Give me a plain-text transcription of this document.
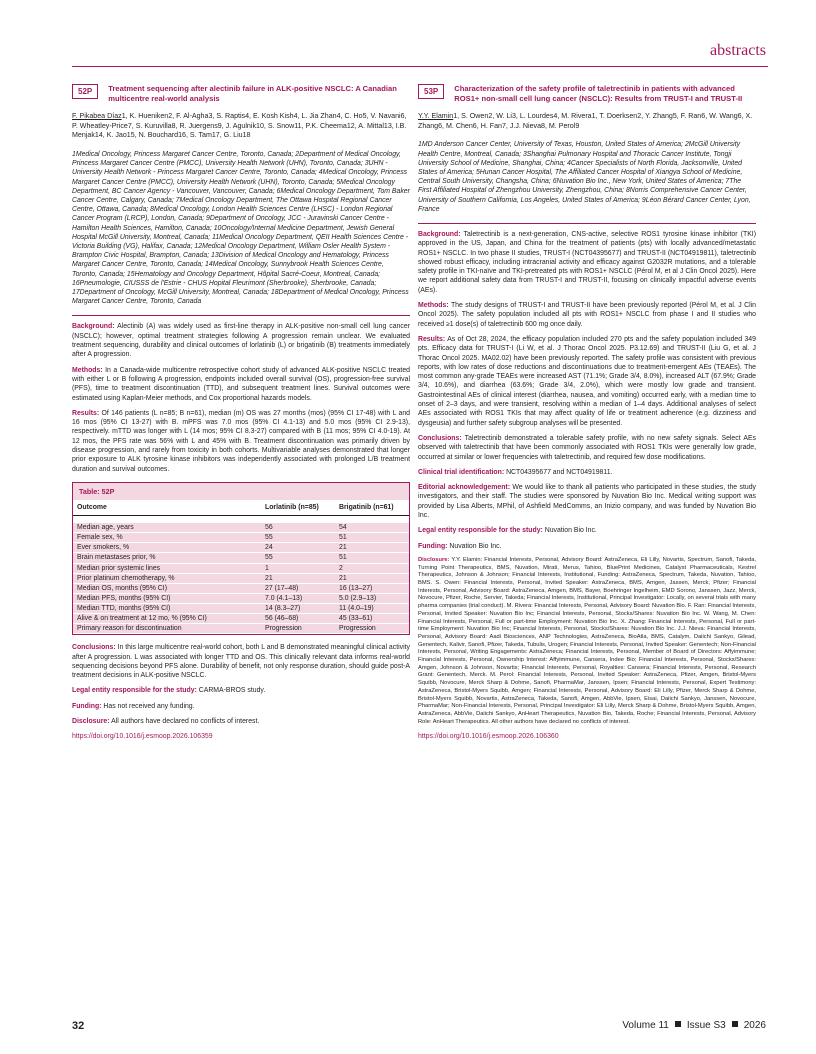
abstracts
52P	Treatment sequencing after alectinib failure in ALK-positive NSCLC: A Canadian multicentre real-world analysis
F. Pikabea Díaz1, K. Hueniken2, F. Al-Agha3, S. Raptis4, E. Kosh Kish4, L. Jia Zhan4, C. Ho5, V. Navani6, P. Wheatley-Price7, S. Kuruvilla8, R. Juergens9, J. Agulnik10, S. Snow11, P.K. Cheema12, A. Mittal13, I.B. Menjak14, K. Jao15, N. Bouchard16, S. Tam17, G. Liu18
1Medical Oncology, Princess Margaret Cancer Centre, Toronto, Canada; 2Department of Medical Oncology, Princess Margaret Cancer Centre (PMCC), University Health Network (UHN), Toronto, Canada; 3UHN - University Health Network - Princess Margaret Cancer Centre, Toronto, Canada; 4Medical Oncology, Princess Margaret Cancer Centre (PMCC), University Health Network (UHN), Toronto, Canada; 5Medical Oncology Department, BC Cancer Agency - Vancouver, Vancouver, Canada; 6Medical Oncology Department, Tom Baker Cancer Centre, Calgary, Canada; 7Medical Oncology Department, The Ottawa Hospital Regional Cancer Centre, Ottawa, Canada; 8Medical Oncology, London Health Sciences Centre (LHSC) - London Regional Cancer Program (LRCP), London, Canada; 9Department of Oncology, JCC - Juravinski Cancer Centre - Hamilton Health Sciences, Hamilton, Canada; 10Oncology/Internal Medicine Department, Jewish General Hospital McGill University, Montreal, Canada; 11Medical Oncology Department, QEII Health Sciences Centre - Victoria Building (VG), Halifax, Canada; 12Medical Oncology Department, William Osler Health System - Brampton Civic Hospital, Brampton, Canada; 13Division of Medical Oncology and Hematology, Princess Margaret Cancer Centre, Toronto, Canada; 14Medical Oncology, Sunnybrook Health Sciences Centre, Toronto, Canada; 15Hematology and Oncology Department, Hôpital Sacré-Coeur, Montreal, Canada; 16Pneumologie, CIUSSS de l'Estrie - CHUS Hopital Fleurimont (Sherbrooke), Sherbrooke, Canada; 17Department of Oncology, McGill University, Montreal, Canada; 18Department of Medical Oncology, Princess Margaret Cancer Centre, Toronto, Canada

Background: Alectinib (A) was widely used as first-line therapy in ALK-positive non-small cell lung cancer (NSCLC); however, optimal treatment strategies following A progression remain unclear. We evaluated treatment sequencing, durability and clinical outcomes of lorlatinib (L) or brigatinib (B) treatments immediately after A progression.

Methods: In a Canada-wide multicentre retrospective cohort study of advanced ALK-positive NSCLC treated with either L or B following A progression, endpoints included overall survival (OS), progression-free survival (PFS), time to treatment discontinuation (TTD), and subsequent treatment lines. Survival outcomes were estimated using Kaplan-Meier methods, and Cox proportional hazards models.

Results: Of 146 patients (L n=85; B n=61), median (m) OS was 27 months (mos) (95% CI 17-48) with L and 16 mos (95% CI 13-27) with B. mPFS was 7.0 mos (95% CI 4.1-13) and 5.0 mos (95% CI 2.9-13), respectively. mTTD was longer with L (14 mos; 95% CI 8.3-27) compared with B (11 mos; 95% CI 4.0-19). At 12 mos, the PFS rate was 56% with L and 45% with B. Treatment discontinuation was primarily driven by disease progression, and rarely from toxicity in both cohorts. Multivariable analyses demonstrated that longer prior exposure to ALK tyrosine kinase inhibitors was independently associated with prolonged L/B treatment duration and survival outcomes.

Table: 52P
Outcome	Lorlatinib (n=85)	Brigatinib (n=61)

Median age, years	56	54
Female sex, %	55	51
Ever smokers, %	24	21
Brain metastases prior, %	55	51
Median prior systemic lines	1	2
Prior platinum chemotherapy, %	21	21
Median OS, months (95% CI)	27 (17–48)	16 (13–27)
Median PFS, months (95% CI)	7.0 (4.1–13)	5.0 (2.9–13)
Median TTD, months (95% CI)	14 (8.3–27)	11 (4.0–19)
Alive & on treatment at 12 mo, % (95% CI)	56 (46–68)	45 (33–61)
Primary reason for discontinuation	Progression	Progression

Conclusions: In this large multicentre real-world cohort, both L and B demonstrated meaningful clinical activity after A progression. L was associated with longer TTD and OS. This clinically relevant data informs real-world sequencing decisions beyond PFS alone. Durability of benefit, not only response duration, should guide post-A treatment decisions in ALK-positive NSCLC.

Legal entity responsible for the study: CARMA-BROS study.

Funding: Has not received any funding.

Disclosure: All authors have declared no conflicts of interest.

https://doi.org/10.1016/j.esmoop.2026.106359

53P	Characterization of the safety profile of taletrectinib in patients with advanced ROS1+ non-small cell lung cancer (NSCLC): Results from TRUST-I and TRUST-II
Y.Y. Elamin1, S. Owen2, W. Li3, L. Lourdes4, M. Rivera1, T. Doerksen2, Y. Zhang5, F. Ran6, W. Wang6, X. Zhang6, M. Chen6, H. Fan7, J.J. Nieva8, M. Perol9
1MD Anderson Cancer Center, University of Texas, Houston, United States of America; 2McGill University Health Centre, Montreal, Canada; 3Shanghai Pulmonary Hospital and Thoracic Cancer Institute, Tongji University School of Medicine, Shanghai, China; 4Cancer Specialists of North Florida, Jacksonville, United States of America; 5Hunan Cancer Hospital, The Affiliated Cancer Hospital of Xiangya School of Medicine, Central South University, Changsha, China; 6Nuvation Bio Inc., New York, United States of America; 7The First Affiliated Hospital of Zhengzhou University, Zhengzhou, China; 8Norris Comprehensive Cancer Center, University of Southern California, Los Angeles, United States of America; 9Léon Bérard Cancer Center, Lyon, France

Background: Taletrectinib is a next-generation, CNS-active, selective ROS1 tyrosine kinase inhibitor (TKI) approved in the US, Japan, and China for the treatment of patients (pts) with locally advanced/metastatic ROS1+ NSCLC. In two phase II studies, TRUST-I (NCT04395677) and TRUST-II (NCT04919811), taletrectinib showed robust efficacy, including intracranial activity and efficacy against G2032R mutations, and a tolerable safety profile in TKI-naïve and TKI-pretreated pts with ROS1+ NSCLC (Pérol M, et al J Clin Oncol 2025). Here we report additional safety data from TRUST-I and TRUST-II, focusing on clinically impactful adverse events (AEs).

Methods: The study designs of TRUST-I and TRUST-II have been previously reported (Pérol M, et al. J Clin Oncol 2025). The safety population included all pts with ROS1+ NSCLC from phase I and II studies who received ≥1 dose(s) of taletrectinib 600 mg once daily.

Results: As of Oct 28, 2024, the efficacy population included 270 pts and the safety population included 349 pts. Efficacy data for TRUST-I (Li W, et al. J Thorac Oncol 2025. P3.12.69) and TRUST-II (Liu G, et al. J Thorac Oncol 2025. MA02.02) have been previously reported. The safety profile was consistent with previous reports, with low rates of dose reductions and discontinuations due to treatment-emergent AEs (TEAEs). The most common any-grade TEAEs were increased AST (71.1%; Grade 3/4, 8.0%), increased ALT (67.9%; Grade 3/4, 10.6%), and diarrhea (63.6%; Grade 3/4, 2.0%), which were mostly low grade and transient. Gastrointestinal AEs of clinical interest (diarrhea, nausea, and vomiting) occurred early, with a median time to onset of 2–3 days, and were transient, resolving within a median of 1–4 days. Additional analyses of select AEs associated with ROS1 TKIs that may affect quality of life or treatment adherence (e.g. dizziness and dysgeusia) and further safety subgroup analyses will be presented.

Conclusions: Taletrectinib demonstrated a tolerable safety profile, with no new safety signals. Select AEs observed with taletrectinib that have been commonly associated with ROS1 TKIs were generally low grade, occurred at similar or lower frequencies with taletrectinib, and required few dose modifications.

Clinical trial identification: NCT04395677 and NCT04919811.

Editorial acknowledgement: We would like to thank all patients who participated in these studies, the study investigators, and their staff. The studies were sponsored by Nuvation Bio Inc. Medical writing support was provided by Lisa Alberts, MPhil, of Ashfield MedComms, an Inizio company, and was funded by Nuvation Bio Inc.

Legal entity responsible for the study: Nuvation Bio Inc.

Funding: Nuvation Bio Inc.

Disclosure: Y.Y. Elamin: Financial Interests, Personal, Advisory Board: AstraZeneca, Eli Lilly, Novartis, Spectrum, Sanofi, Takeda, Turning Point Therapeutics, BMS, Nuvation, Mirati, Merus, Tahioo, BluePrint Medicines, Catalyst Pharmaceuticals, Kestrel Therapeutics, Johnson & Johnson; Financial Interests, Institutional, Funding: AstraZeneca, Spectrum, Takeda, Nuvation, Tahioo, BMS. S. Owen: Financial Interests, Personal, Invited Speaker: AstraZeneca, BMS, Amgen, Jassen, Merck, Pfizer; Financial Interests, Personal, Advisory Board: AstraZeneca, Amgen, BMS, Bayer, Boehringer Ingelheim, EMD Sorono, Janssen, Jazz, Merck, Novocure, Pfizer, Roche, Servier, Takeda; Financial Interests, Institutional, Principal Investigator: Locally, on several trials with many pharma companies (trial conduct). M. Rivera: Financial Interests, Personal, Advisory Board: Nuvation Bio. F. Ran: Financial Interests, Personal, Invited Speaker: Nuvation Bio Inc; Financial Interests, Personal, Stocks/Shares: Nuvation Bio Inc. W. Wang, M. Chen: Financial Interests, Personal, Full or part-time Employment: Nuvation Bio Inc. X. Zhang: Financial Interests, Personal, Full or part-time Employment: Nuvation Bio Inc; Financial Interests, Personal, Stocks/Shares: Nuvation Bio Inc. J.J. Nieva: Financial Interests, Personal, Advisory Board: Aadi Biosciences, ANP Technologies, AstraZeneca, BioAtla, BMS, Catalym, Daiichi Sankyo, Gilead, Genentech, Kalivir, Sanofi, Pfizer, Takeda, Tubulis, Urogen; Financial Interests, Personal, Invited Speaker: Genentech; Non-Financial Interests, Personal, Writing Engagements: AstraZeneca; Financial Interests, Personal, Member of Board of Directors: Affyimmune; Financial Interests, Personal, Ownership Interest: Affyimmune, Cansera, Indee Bio; Financial Interests, Personal, Stocks/Shares: Amgen, Johnson & Johnson, Novartis; Financial Interests, Personal, Royalties: Cansera; Financial Interests, Personal, Research Grant: Genentech, Merck. M. Perol: Financial Interests, Personal, Invited Speaker: AstraZeneca, Pfizer, Amgen, Bristol-Myers Squibb, Novocure, Merck Sharp & Dohme, Sanofi, PharmaMar, Janssen, Ipsen; Financial Interests, Personal, Expert Testimony: AstraZeneca, Bristol-Myers Squibb, Amgen; Financial Interests, Personal, Advisory Board: Eli Lilly, Pfizer, Merck Sharp & Dohme, Bristol-Myers Squibb, Novartis, AstraZeneca, Takeda, Sanofi, Amgen, AbbVie, Ipsen, Eisai, Daiichi Sankyo, Janssen, Novocure, PharmaMar; Non-Financial Interests, Personal, Principal Investigator: Eli Lilly, Merck Sharp & Dohme, Bristol-Myers Squibb, Amgen, AstraZeneca, AbbVie, Daiichi Sankyo, AnHeart Therapeutics, Nuvation Bio, Takeda, Roche; Financial Interests, Personal, Advisory Role: AnHeart Therapeutics. All other authors have declared no conflicts of interest.

https://doi.org/10.1016/j.esmoop.2026.106360

32	Volume 11 Issue S3 2026
